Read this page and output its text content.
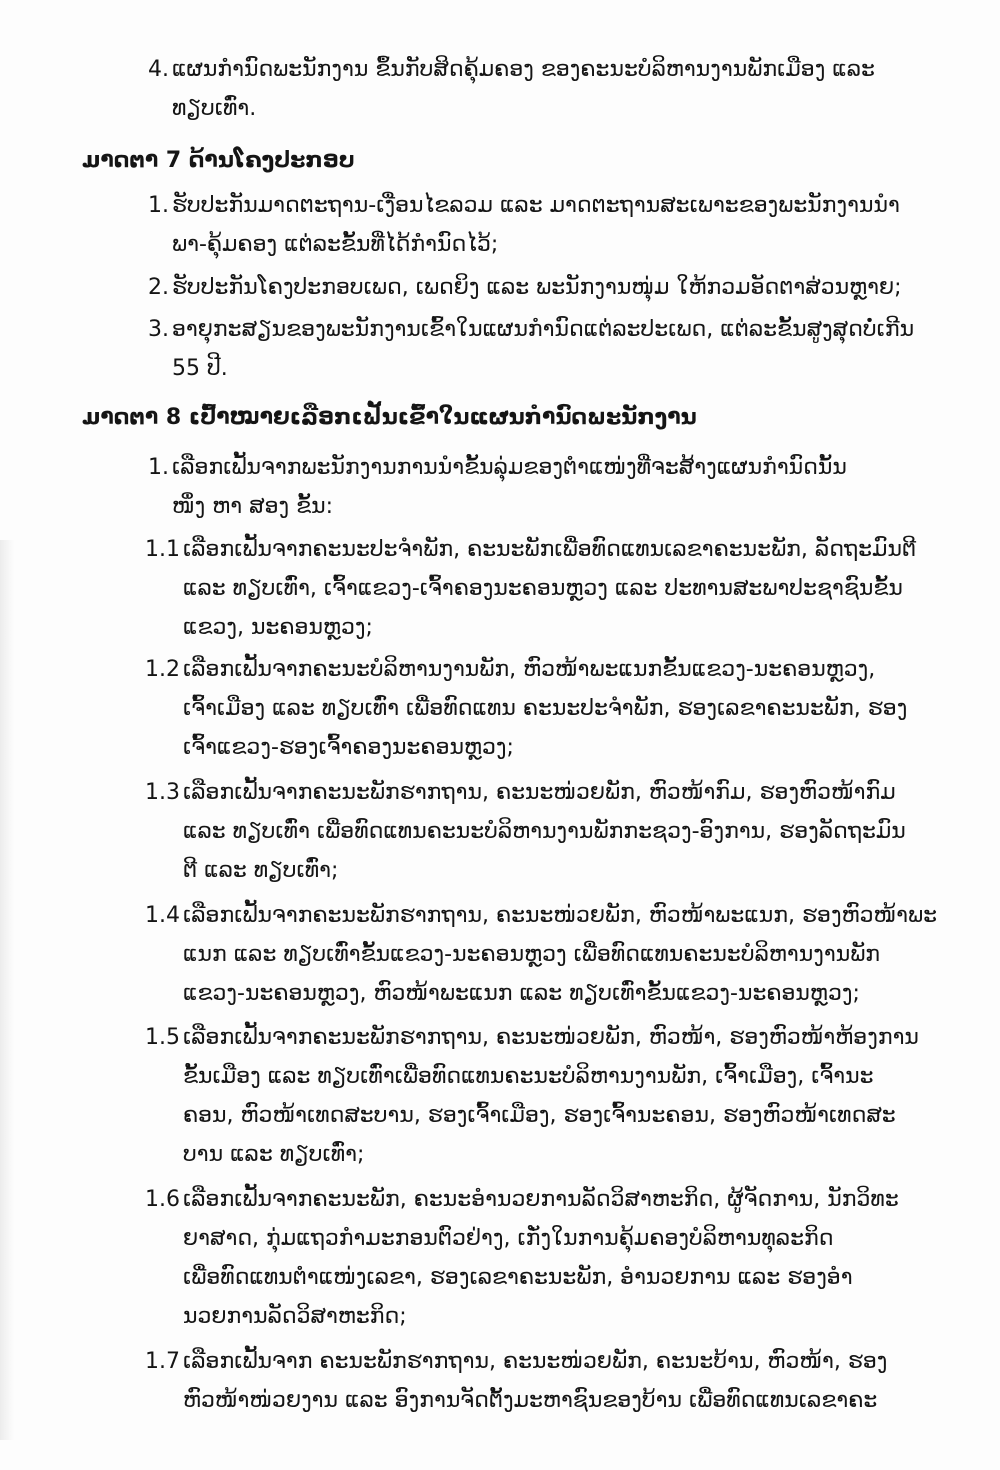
4. ແຜນກໍານົດພະນັກງານ ຂຶ້ນກັບສິດຄຸ້ມຄອງ ຂອງຄະນະບໍລິຫານງານພັກເມືອງ ແລະ
ທຽບເທົ່າ.
ມາດຕາ 7 ດ້ານໂຄງປະກອບ
1. ຮັບປະກັນມາດຕະຖານ-ເງື່ອນໄຂລວມ ແລະ ມາດຕະຖານສະເພາະຂອງພະນັກງານນໍາ
ພາ-ຄຸ້ມຄອງ ແຕ່ລະຂັ້ນທີ່ໄດ້ກໍານົດໄວ້;
2. ຮັບປະກັນໂຄງປະກອບເພດ, ເພດຍິງ ແລະ ພະນັກງານໜຸ່ມ ໃຫ້ກວມອັດຕາສ່ວນຫຼາຍ;
3. ອາຍຸກະສຽນຂອງພະນັກງານເຂົ້າໃນແຜນກໍານົດແຕ່ລະປະເພດ, ແຕ່ລະຂັ້ນສູງສຸດບໍ່ເກີນ
55 ປີ.
ມາດຕາ 8 ເປົ້າໝາຍເລືອກເຟັ້ນເຂົ້າໃນແຜນກໍານົດພະນັກງານ
1. ເລືອກເຟັ້ນຈາກພະນັກງານການນໍາຂັ້ນລຸ່ມຂອງຕໍາແໜ່ງທີ່ຈະສ້າງແຜນກໍານົດນັ້ນ
ໜຶ່ງ ຫາ ສອງ ຂັ້ນ:
1.1 ເລືອກເຟັ້ນຈາກຄະນະປະຈໍາພັກ, ຄະນະພັກເພື່ອທົດແທນເລຂາຄະນະພັກ, ລັດຖະມົນຕີ
ແລະ ທຽບເທົ່າ, ເຈົ້າແຂວງ-ເຈົ້າຄອງນະຄອນຫຼວງ ແລະ ປະທານສະພາປະຊາຊົນຂັ້ນ
ແຂວງ, ນະຄອນຫຼວງ;
1.2 ເລືອກເຟັ້ນຈາກຄະນະບໍລິຫານງານພັກ, ຫົວໜ້າພະແນກຂັ້ນແຂວງ-ນະຄອນຫຼວງ,
ເຈົ້າເມືອງ ແລະ ທຽບເທົ່າ ເພື່ອທົດແທນ ຄະນະປະຈໍາພັກ, ຮອງເລຂາຄະນະພັກ, ຮອງ
ເຈົ້າແຂວງ-ຮອງເຈົ້າຄອງນະຄອນຫຼວງ;
1.3 ເລືອກເຟັ້ນຈາກຄະນະພັກຮາກຖານ, ຄະນະໜ່ວຍພັກ, ຫົວໜ້າກົມ, ຮອງຫົວໜ້າກົມ
ແລະ ທຽບເທົ່າ ເພື່ອທົດແທນຄະນະບໍລິຫານງານພັກກະຊວງ-ອົງການ, ຮອງລັດຖະມົນ
ຕີ ແລະ ທຽບເທົ່າ;
1.4 ເລືອກເຟັ້ນຈາກຄະນະພັກຮາກຖານ, ຄະນະໜ່ວຍພັກ, ຫົວໜ້າພະແນກ, ຮອງຫົວໜ້າພະ
ແນກ ແລະ ທຽບເທົ່າຂັ້ນແຂວງ-ນະຄອນຫຼວງ ເພື່ອທົດແທນຄະນະບໍລິຫານງານພັກ
ແຂວງ-ນະຄອນຫຼວງ, ຫົວໜ້າພະແນກ ແລະ ທຽບເທົ່າຂັ້ນແຂວງ-ນະຄອນຫຼວງ;
1.5 ເລືອກເຟັ້ນຈາກຄະນະພັກຮາກຖານ, ຄະນະໜ່ວຍພັກ, ຫົວໜ້າ, ຮອງຫົວໜ້າຫ້ອງການ
ຂັ້ນເມືອງ ແລະ ທຽບເທົ່າເພື່ອທົດແທນຄະນະບໍລິຫານງານພັກ, ເຈົ້າເມືອງ, ເຈົ້ານະ
ຄອນ, ຫົວໜ້າເທດສະບານ, ຮອງເຈົ້າເມືອງ, ຮອງເຈົ້ານະຄອນ, ຮອງຫົວໜ້າເທດສະ
ບານ ແລະ ທຽບເທົ່າ;
1.6 ເລືອກເຟັ້ນຈາກຄະນະພັກ, ຄະນະອໍານວຍການລັດວິສາຫະກິດ, ຜູ້ຈັດການ, ນັກວິທະ
ຍາສາດ, ກຸ່ມແຖວກໍາມະກອນຕົວຢ່າງ, ເກັ່ງໃນການຄຸ້ມຄອງບໍລິຫານທຸລະກິດ
ເພື່ອທົດແທນຕໍາແໜ່ງເລຂາ, ຮອງເລຂາຄະນະພັກ, ອໍານວຍການ ແລະ ຮອງອໍາ
ນວຍການລັດວິສາຫະກິດ;
1.7 ເລືອກເຟັ້ນຈາກ ຄະນະພັກຮາກຖານ, ຄະນະໜ່ວຍພັກ, ຄະນະບ້ານ, ຫົວໜ້າ, ຮອງ
ຫົວໜ້າໜ່ວຍງານ ແລະ ອົງການຈັດຕັ້ງມະຫາຊົນຂອງບ້ານ ເພື່ອທົດແທນເລຂາຄະ
